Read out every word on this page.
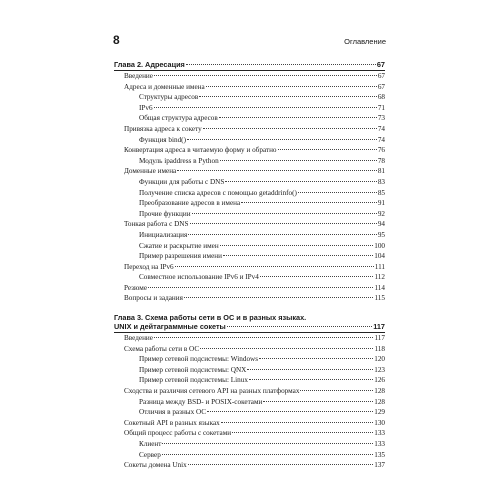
8	Оглавление
Глава 2. Адресация	67
Введение	67
Адреса и доменные имена	67
Структуры адресов	68
IPv6	71
Общая структура адресов	73
Привязка адреса к сокету	74
Функция bind()	74
Конвертация адреса в читаемую форму и обратно	76
Модуль ipaddress в Python	78
Доменные имена	81
Функции для работы с DNS	83
Получение списка адресов с помощью getaddrinfo()	85
Преобразование адресов в имена	91
Прочие функции	92
Тонкая работа с DNS	94
Инициализация	95
Сжатие и раскрытие имен	100
Пример разрешения имени	104
Переход на IPv6	111
Совместное использование IPv6 и IPv4	112
Резюме	114
Вопросы и задания	115
Глава 3. Схема работы сети в ОС и в разных языках.
UNIX и дейтаграммные сокеты	117
Введение	117
Схема работы сети в ОС	118
Пример сетевой подсистемы: Windows	120
Пример сетевой подсистемы: QNX	123
Пример сетевой подсистемы: Linux	126
Сходства и различия сетевого API на разных платформах	128
Разница между BSD- и POSIX-сокетами	128
Отличия в разных ОС	129
Сокетный API в разных языках	130
Общий процесс работы с сокетами	133
Клиент	133
Сервер	135
Сокеты домена Unix	137
